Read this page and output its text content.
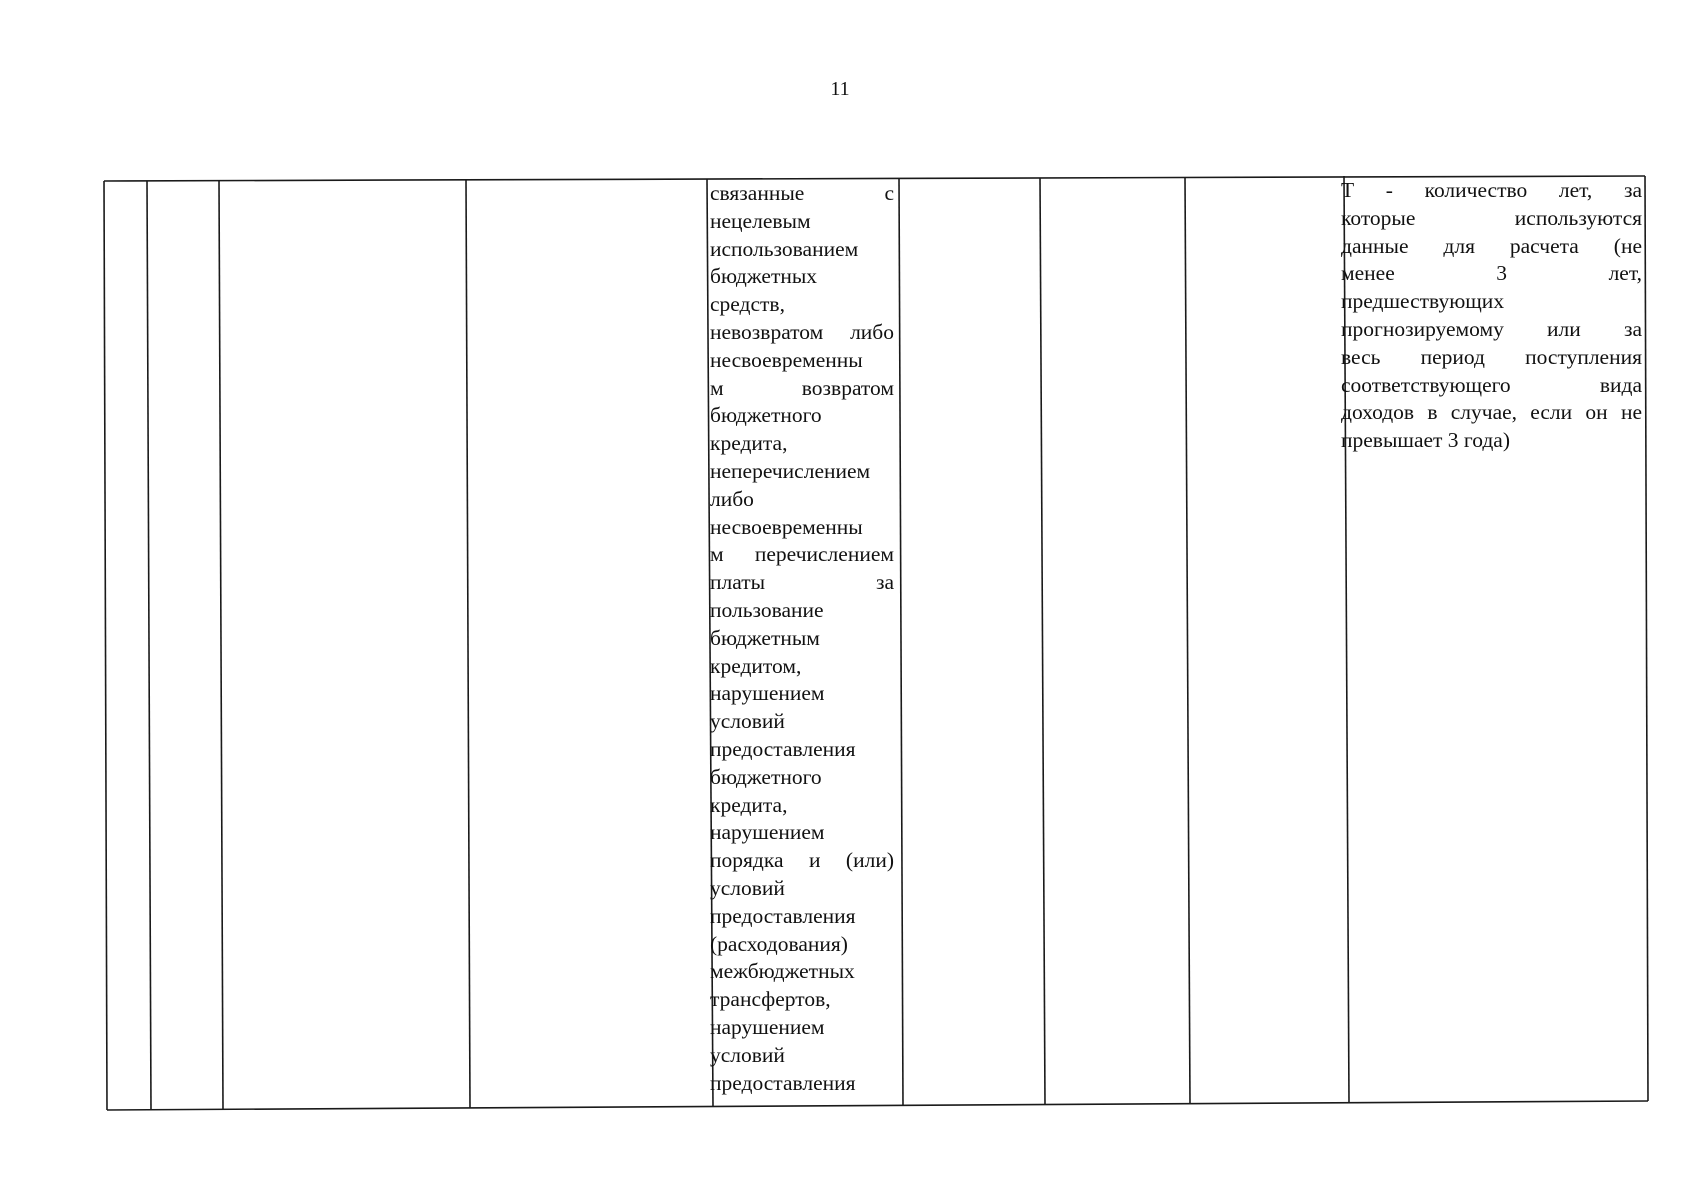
11
связанные с
нецелевым
использованием
бюджетных
средств,
невозвратом либо
несвоевременны
м возвратом
бюджетного
кредита,
неперечислением
либо
несвоевременны
м перечислением
платы за
пользование
бюджетным
кредитом,
нарушением
условий
предоставления
бюджетного
кредита,
нарушением
порядка и (или)
условий
предоставления
(расходования)
межбюджетных
трансфертов,
нарушением
условий
предоставления
Т - количество лет, за
которые используются
данные для расчета (не
менее 3 лет,
предшествующих
прогнозируемому или за
весь период поступления
соответствующего вида
доходов в случае, если он не
превышает 3 года)
